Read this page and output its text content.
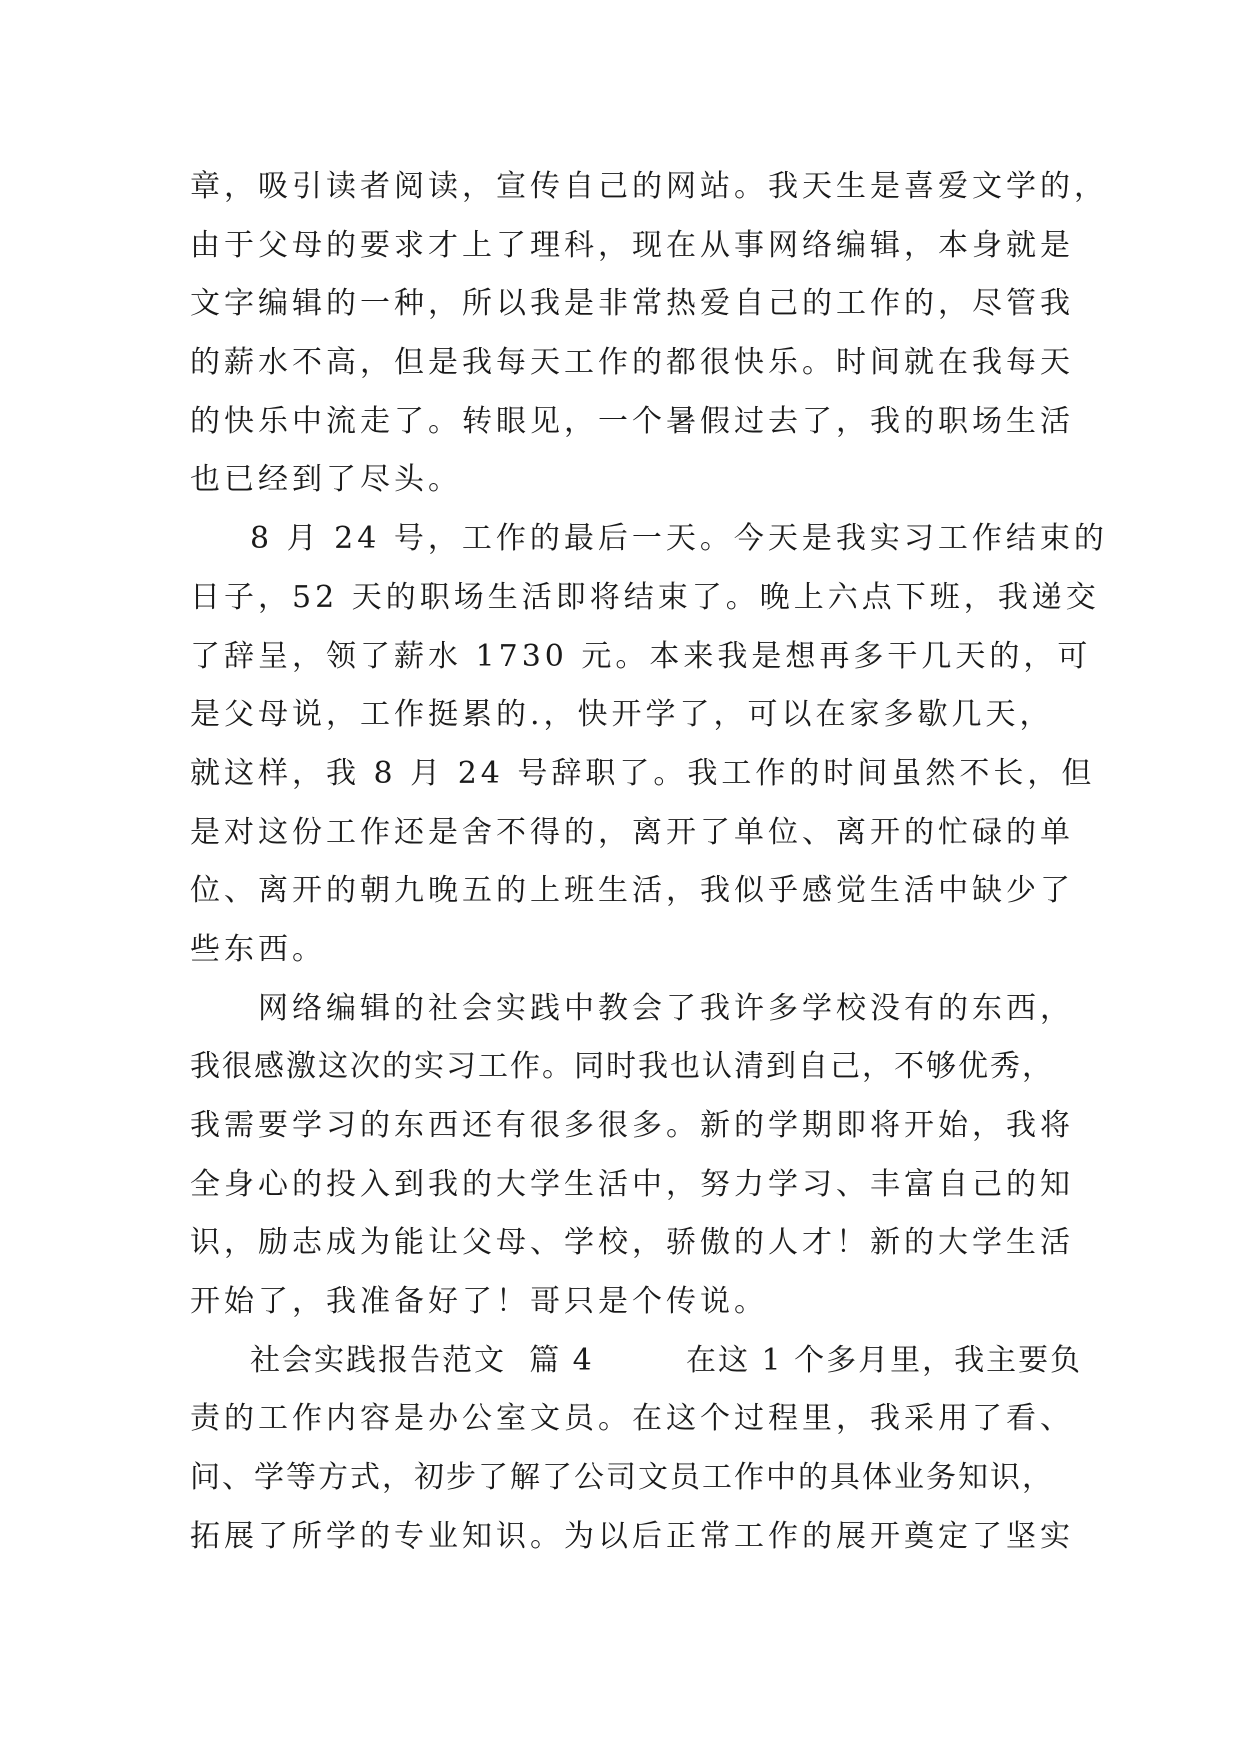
章，吸引读者阅读，宣传自己的网站。我天生是喜爱文学的，
由于父母的要求才上了理科，现在从事网络编辑，本身就是
文字编辑的一种，所以我是非常热爱自己的工作的，尽管我
的薪水不高，但是我每天工作的都很快乐。时间就在我每天
的快乐中流走了。转眼见，一个暑假过去了，我的职场生活
也已经到了尽头。
8 月 24 号，工作的最后一天。今天是我实习工作结束的
日子，52 天的职场生活即将结束了。晚上六点下班，我递交
了辞呈，领了薪水 1730 元。本来我是想再多干几天的，可
是父母说，工作挺累的.，快开学了，可以在家多歇几天，
就这样，我 8 月 24 号辞职了。我工作的时间虽然不长，但
是对这份工作还是舍不得的，离开了单位、离开的忙碌的单
位、离开的朝九晚五的上班生活，我似乎感觉生活中缺少了
些东西。
网络编辑的社会实践中教会了我许多学校没有的东西，
我很感激这次的实习工作。同时我也认清到自己，不够优秀，
我需要学习的东西还有很多很多。新的学期即将开始，我将
全身心的投入到我的大学生活中，努力学习、丰富自己的知
识，励志成为能让父母、学校，骄傲的人才！新的大学生活
开始了，我准备好了！哥只是个传说。
社会实践报告范文  篇 4        在这 1 个多月里，我主要负
责的工作内容是办公室文员。在这个过程里，我采用了看、
问、学等方式，初步了解了公司文员工作中的具体业务知识，
拓展了所学的专业知识。为以后正常工作的展开奠定了坚实
